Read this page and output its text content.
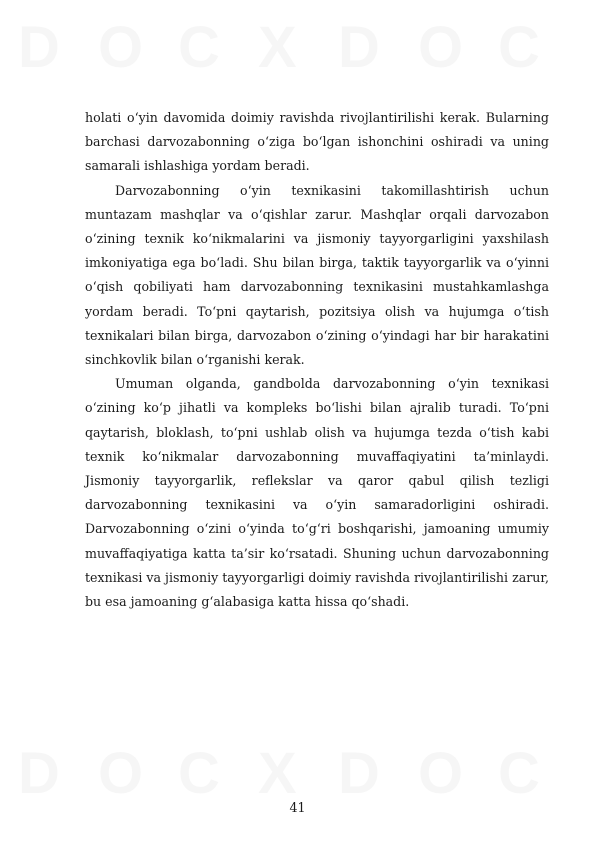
holati o‘yin davomida doimiy ravishda rivojlantirilishi kerak. Bularning barchasi darvozabonning o‘ziga bo‘lgan ishonchini oshiradi va uning samarali ishlashiga yordam beradi.

Darvozabonning o‘yin texnikasini takomillashtirish uchun muntazam mashqlar va o‘qishlar zarur. Mashqlar orqali darvozabon o‘zining texnik ko‘nikmalarini va jismoniy tayyorgarligini yaxshilash imkoniyatiga ega bo‘ladi. Shu bilan birga, taktik tayyorgarlik va o‘yinni o‘qish qobiliyati ham darvozabonning texnikasini mustahkamlashga yordam beradi. To‘pni qaytarish, pozitsiya olish va hujumga o‘tish texnikalari bilan birga, darvozabon o‘zining o‘yindagi har bir harakatini sinchkovlik bilan o‘rganishi kerak.

Umuman olganda, gandbolda darvozabonning o‘yin texnikasi o‘zining ko‘p jihatli va kompleks bo‘lishi bilan ajralib turadi. To‘pni qaytarish, bloklash, to‘pni ushlab olish va hujumga tezda o‘tish kabi texnik ko‘nikmalar darvozabonning muvaffaqiyatini ta’minlaydi. Jismoniy tayyorgarlik, reflekslar va qaror qabul qilish tezligi darvozabonning texnikasini va o‘yin samaradorligini oshiradi. Darvozabonning o‘zini o‘yinda to‘g‘ri boshqarishi, jamoaning umumiy muvaffaqiyatiga katta ta’sir ko‘rsatadi. Shuning uchun darvozabonning texnikasi va jismoniy tayyorgarligi doimiy ravishda rivojlantirilishi zarur, bu esa jamoaning g‘alabasiga katta hissa qo‘shadi.

41
